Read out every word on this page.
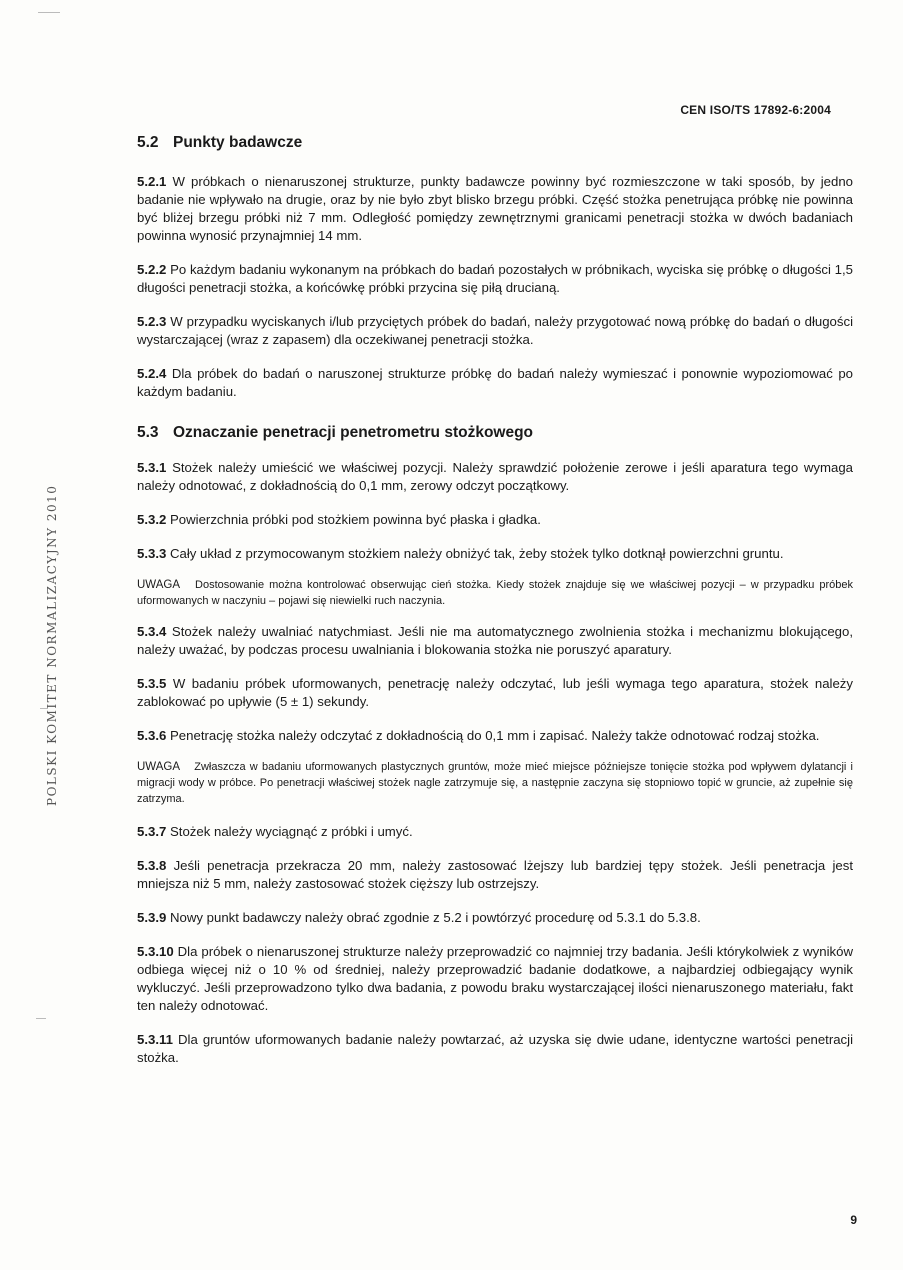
CEN ISO/TS 17892-6:2004
POLSKI KOMITET NORMALIZACYJNY 2010
5.2 Punkty badawcze

5.2.1 W próbkach o nienaruszonej strukturze, punkty badawcze powinny być rozmieszczone w taki sposób, by jedno badanie nie wpływało na drugie, oraz by nie było zbyt blisko brzegu próbki. Część stożka penetrująca próbkę nie powinna być bliżej brzegu próbki niż 7 mm. Odległość pomiędzy zewnętrznymi granicami penetracji stożka w dwóch badaniach powinna wynosić przynajmniej 14 mm.

5.2.2 Po każdym badaniu wykonanym na próbkach do badań pozostałych w próbnikach, wyciska się próbkę o długości 1,5 długości penetracji stożka, a końcówkę próbki przycina się piłą drucianą.

5.2.3 W przypadku wyciskanych i/lub przyciętych próbek do badań, należy przygotować nową próbkę do badań o długości wystarczającej (wraz z zapasem) dla oczekiwanej penetracji stożka.

5.2.4 Dla próbek do badań o naruszonej strukturze próbkę do badań należy wymieszać i ponownie wypoziomować po każdym badaniu.

5.3 Oznaczanie penetracji penetrometru stożkowego

5.3.1 Stożek należy umieścić we właściwej pozycji. Należy sprawdzić położenie zerowe i jeśli aparatura tego wymaga należy odnotować, z dokładnością do 0,1 mm, zerowy odczyt początkowy.

5.3.2 Powierzchnia próbki pod stożkiem powinna być płaska i gładka.

5.3.3 Cały układ z przymocowanym stożkiem należy obniżyć tak, żeby stożek tylko dotknął powierzchni gruntu.

UWAGA Dostosowanie można kontrolować obserwując cień stożka. Kiedy stożek znajduje się we właściwej pozycji – w przypadku próbek uformowanych w naczyniu – pojawi się niewielki ruch naczynia.

5.3.4 Stożek należy uwalniać natychmiast. Jeśli nie ma automatycznego zwolnienia stożka i mechanizmu blokującego, należy uważać, by podczas procesu uwalniania i blokowania stożka nie poruszyć aparatury.

5.3.5 W badaniu próbek uformowanych, penetrację należy odczytać, lub jeśli wymaga tego aparatura, stożek należy zablokować po upływie (5 ± 1) sekundy.

5.3.6 Penetrację stożka należy odczytać z dokładnością do 0,1 mm i zapisać. Należy także odnotować rodzaj stożka.

UWAGA Zwłaszcza w badaniu uformowanych plastycznych gruntów, może mieć miejsce późniejsze tonięcie stożka pod wpływem dylatancji i migracji wody w próbce. Po penetracji właściwej stożek nagle zatrzymuje się, a następnie zaczyna się stopniowo topić w gruncie, aż zupełnie się zatrzyma.

5.3.7 Stożek należy wyciągnąć z próbki i umyć.

5.3.8 Jeśli penetracja przekracza 20 mm, należy zastosować lżejszy lub bardziej tępy stożek. Jeśli penetracja jest mniejsza niż 5 mm, należy zastosować stożek cięższy lub ostrzejszy.

5.3.9 Nowy punkt badawczy należy obrać zgodnie z 5.2 i powtórzyć procedurę od 5.3.1 do 5.3.8.

5.3.10 Dla próbek o nienaruszonej strukturze należy przeprowadzić co najmniej trzy badania. Jeśli którykolwiek z wyników odbiega więcej niż o 10 % od średniej, należy przeprowadzić badanie dodatkowe, a najbardziej odbiegający wynik wykluczyć. Jeśli przeprowadzono tylko dwa badania, z powodu braku wystarczającej ilości nienaruszonego materiału, fakt ten należy odnotować.

5.3.11 Dla gruntów uformowanych badanie należy powtarzać, aż uzyska się dwie udane, identyczne wartości penetracji stożka.

9
